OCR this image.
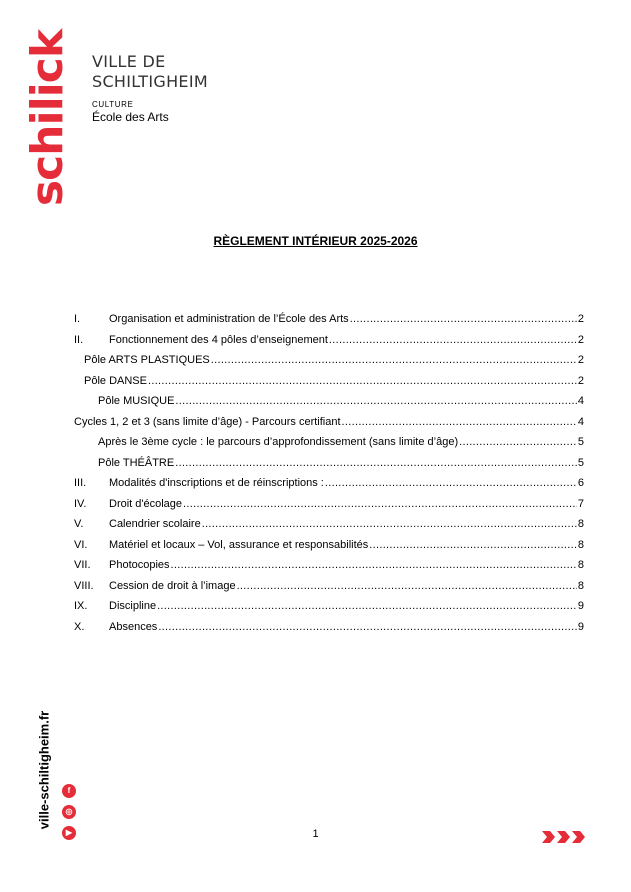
schilick VILLE DE
SCHILTIGHEIM
CULTURE
École des Arts
RÈGLEMENT INTÉRIEUR 2025-2026
I.	Organisation et administration de l’École des Arts .....	2
II.	Fonctionnement des 4 pôles d’enseignement .....	2
Pôle ARTS PLASTIQUES .....	2
Pôle DANSE .....	2
Pôle MUSIQUE .....	4
Cycles 1, 2 et 3 (sans limite d’âge) - Parcours certifiant .....	4
Après le 3ème cycle : le parcours d’approfondissement (sans limite d’âge) .....	5
Pôle THÉÂTRE .....	5
III.	Modalités d'inscriptions et de réinscriptions : .....	6
IV.	Droit d'écolage .....	7
V.	Calendrier scolaire .....	8
VI.	Matériel et locaux – Vol, assurance et responsabilités .....	8
VII.	Photocopies .....	8
VIII.	Cession de droit à l’image .....	8
IX.	Discipline .....	9
X.	Absences .....	9
ville-schiltigheim.fr	f
◎
▶	1
